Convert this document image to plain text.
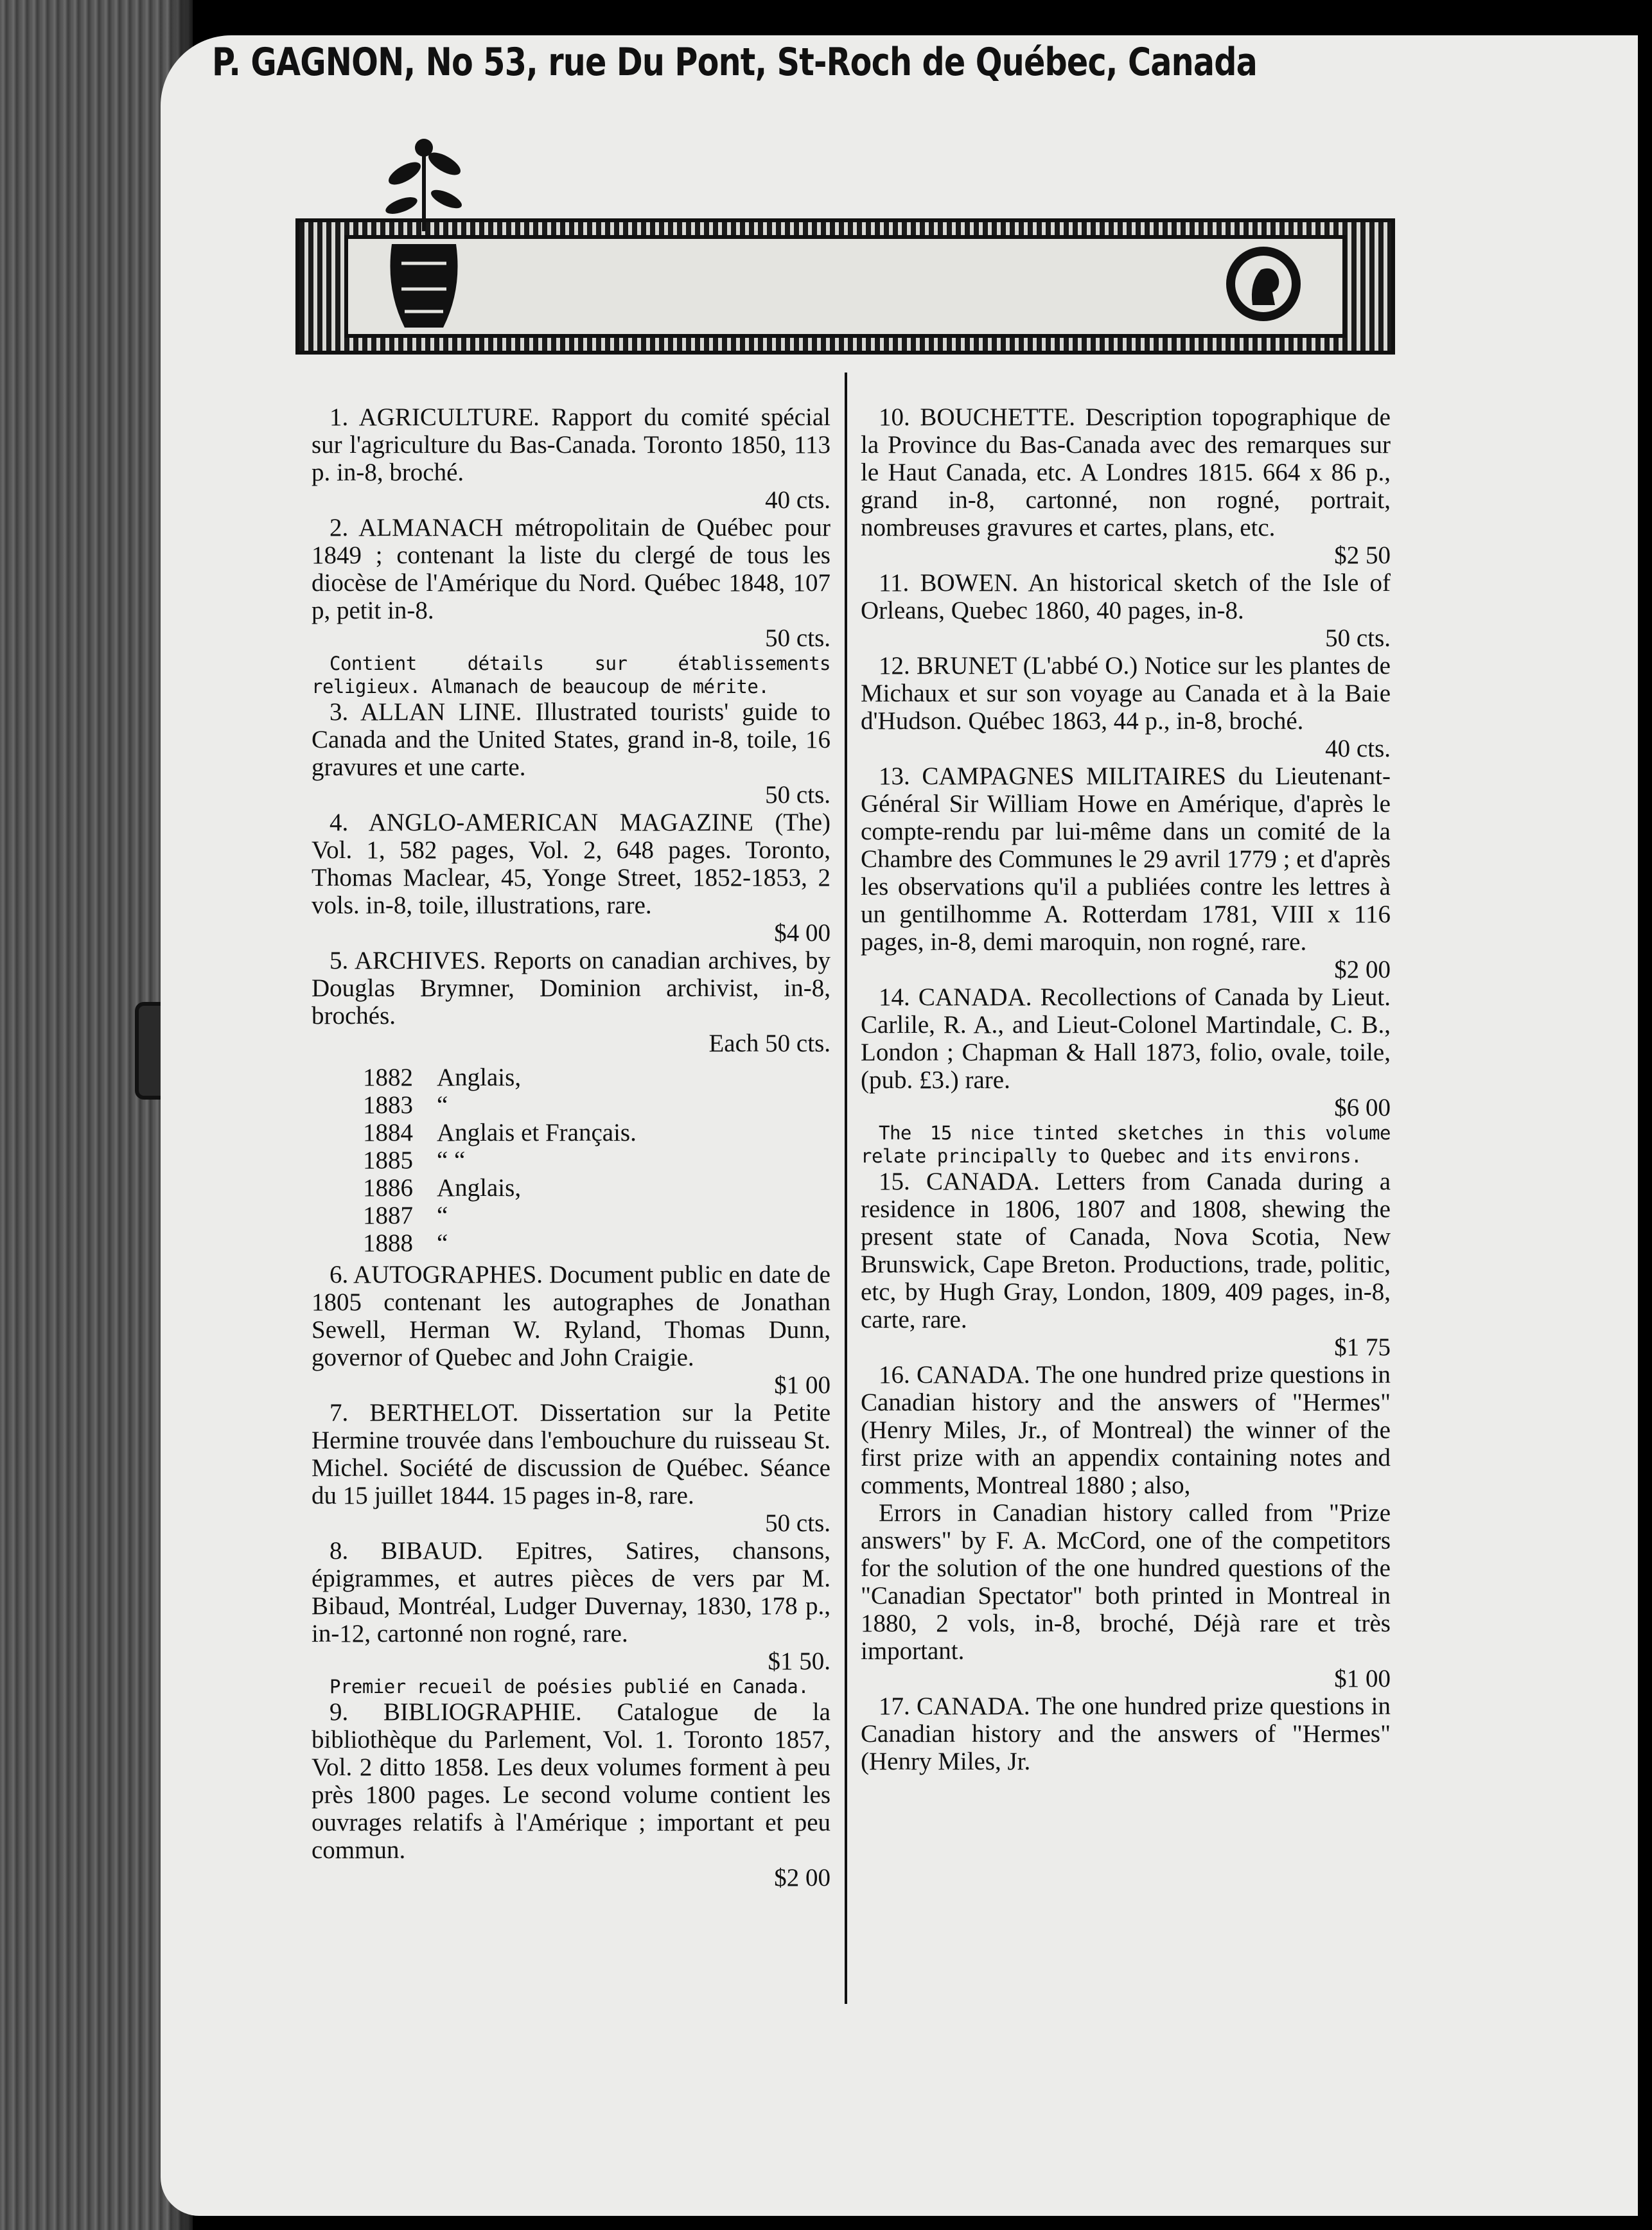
P. GAGNON, No 53, rue Du Pont, St-Roch de Québec, Canada
1. AGRICULTURE. Rapport du comité spécial sur l'agriculture du Bas-Canada. Toronto 1850, 113 p. in-8, broché.
40 cts.
2. ALMANACH métropolitain de Québec pour 1849 ; contenant la liste du clergé de tous les diocèse de l'Amérique du Nord. Québec 1848, 107 p, petit in-8.
50 cts.
Contient détails sur établissements religieux. Almanach de beaucoup de mérite.
3. ALLAN LINE. Illustrated tourists' guide to Canada and the United States, grand in-8, toile, 16 gravures et une carte.
50 cts.
4. ANGLO-AMERICAN MAGAZINE (The) Vol. 1, 582 pages, Vol. 2, 648 pages. Toronto, Thomas Maclear, 45, Yonge Street, 1852-1853, 2 vols. in-8, toile, illustrations, rare.
$4 00
5. ARCHIVES. Reports on canadian archives, by Douglas Brymner, Dominion archivist, in-8, brochés.
Each 50 cts.
1882 Anglais,
1883 “
1884 Anglais et Français.
1885 “ “
1886 Anglais,
1887 “
1888 “
6. AUTOGRAPHES. Document public en date de 1805 contenant les autographes de Jonathan Sewell, Herman W. Ryland, Thomas Dunn, governor of Quebec and John Craigie.
$1 00
7. BERTHELOT. Dissertation sur la Petite Hermine trouvée dans l'embouchure du ruisseau St. Michel. Société de discussion de Québec. Séance du 15 juillet 1844. 15 pages in-8, rare.
50 cts.
8. BIBAUD. Epitres, Satires, chansons, épigrammes, et autres pièces de vers par M. Bibaud, Montréal, Ludger Duvernay, 1830, 178 p., in-12, cartonné non rogné, rare.
$1 50.
Premier recueil de poésies publié en Canada.
9. BIBLIOGRAPHIE. Catalogue de la bibliothèque du Parlement, Vol. 1. Toronto 1857, Vol. 2 ditto 1858. Les deux volumes forment à peu près 1800 pages. Le second volume contient les ouvrages relatifs à l'Amérique ; important et peu commun.
$2 00
10. BOUCHETTE. Description topographique de la Province du Bas-Canada avec des remarques sur le Haut Canada, etc. A Londres 1815. 664 x 86 p., grand in-8, cartonné, non rogné, portrait, nombreuses gravures et cartes, plans, etc.
$2 50
11. BOWEN. An historical sketch of the Isle of Orleans, Quebec 1860, 40 pages, in-8.
50 cts.
12. BRUNET (L'abbé O.) Notice sur les plantes de Michaux et sur son voyage au Canada et à la Baie d'Hudson. Québec 1863, 44 p., in-8, broché.
40 cts.
13. CAMPAGNES MILITAIRES du Lieutenant-Général Sir William Howe en Amérique, d'après le compte-rendu par lui-même dans un comité de la Chambre des Communes le 29 avril 1779 ; et d'après les observations qu'il a publiées contre les lettres à un gentilhomme A. Rotterdam 1781, VIII x 116 pages, in-8, demi maroquin, non rogné, rare.
$2 00
14. CANADA. Recollections of Canada by Lieut. Carlile, R. A., and Lieut-Colonel Martindale, C. B., London ; Chapman & Hall 1873, folio, ovale, toile, (pub. £3.) rare.
$6 00
The 15 nice tinted sketches in this volume relate principally to Quebec and its environs.
15. CANADA. Letters from Canada during a residence in 1806, 1807 and 1808, shewing the present state of Canada, Nova Scotia, New Brunswick, Cape Breton. Productions, trade, politic, etc, by Hugh Gray, London, 1809, 409 pages, in-8, carte, rare.
$1 75
16. CANADA. The one hundred prize questions in Canadian history and the answers of "Hermes" (Henry Miles, Jr., of Montreal) the winner of the first prize with an appendix containing notes and comments, Montreal 1880 ; also,
Errors in Canadian history called from "Prize answers" by F. A. McCord, one of the competitors for the solution of the one hundred questions of the "Canadian Spectator" both printed in Montreal in 1880, 2 vols, in-8, broché, Déjà rare et très important.
$1 00
17. CANADA. The one hundred prize questions in Canadian history and the answers of "Hermes" (Henry Miles, Jr.
